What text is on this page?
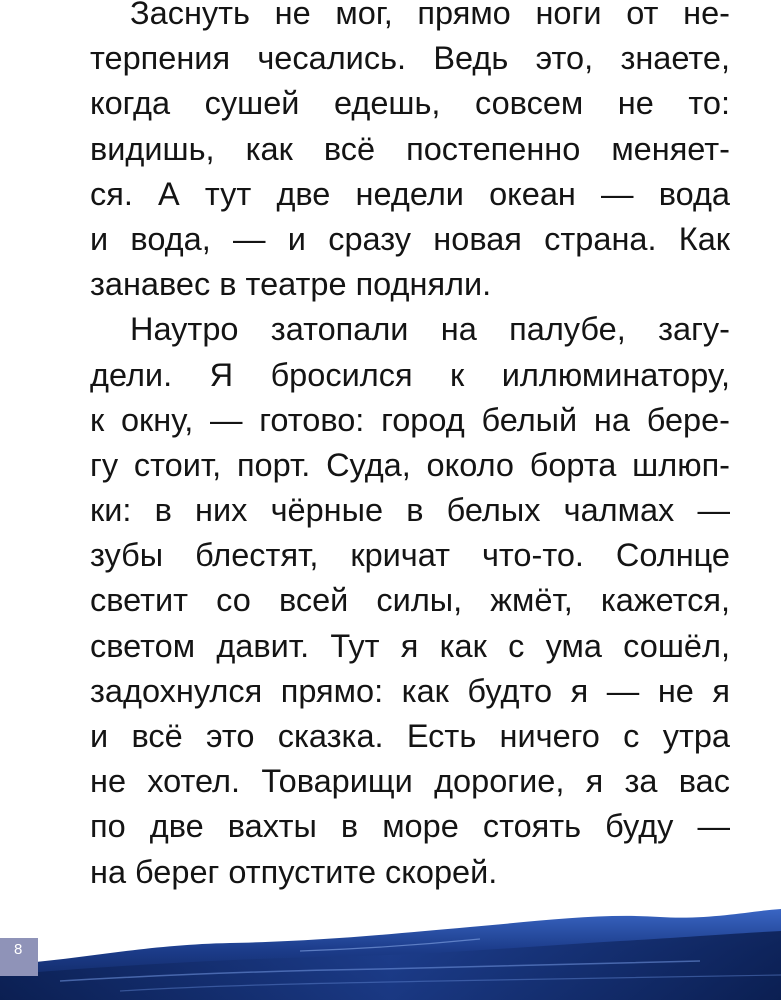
Заснуть не мог, прямо ноги от не-
терпения чесались. Ведь это, знаете,
когда сушей едешь, совсем не то:
видишь, как всё постепенно меняет-
ся. А тут две недели океан — вода
и вода, — и сразу новая страна. Как
занавес в театре подняли.
Наутро затопали на палубе, загу-
дели. Я бросился к иллюминатору,
к окну, — готово: город белый на бере-
гу стоит, порт. Суда, около борта шлюп-
ки: в них чёрные в белых чалмах —
зубы блестят, кричат что-то. Солнце
светит со всей силы, жмёт, кажется,
светом давит. Тут я как с ума сошёл,
задохнулся прямо: как будто я — не я
и всё это сказка. Есть ничего с утра
не хотел. Товарищи дорогие, я за вас
по две вахты в море стоять буду —
на берег отпустите скорей.
8
